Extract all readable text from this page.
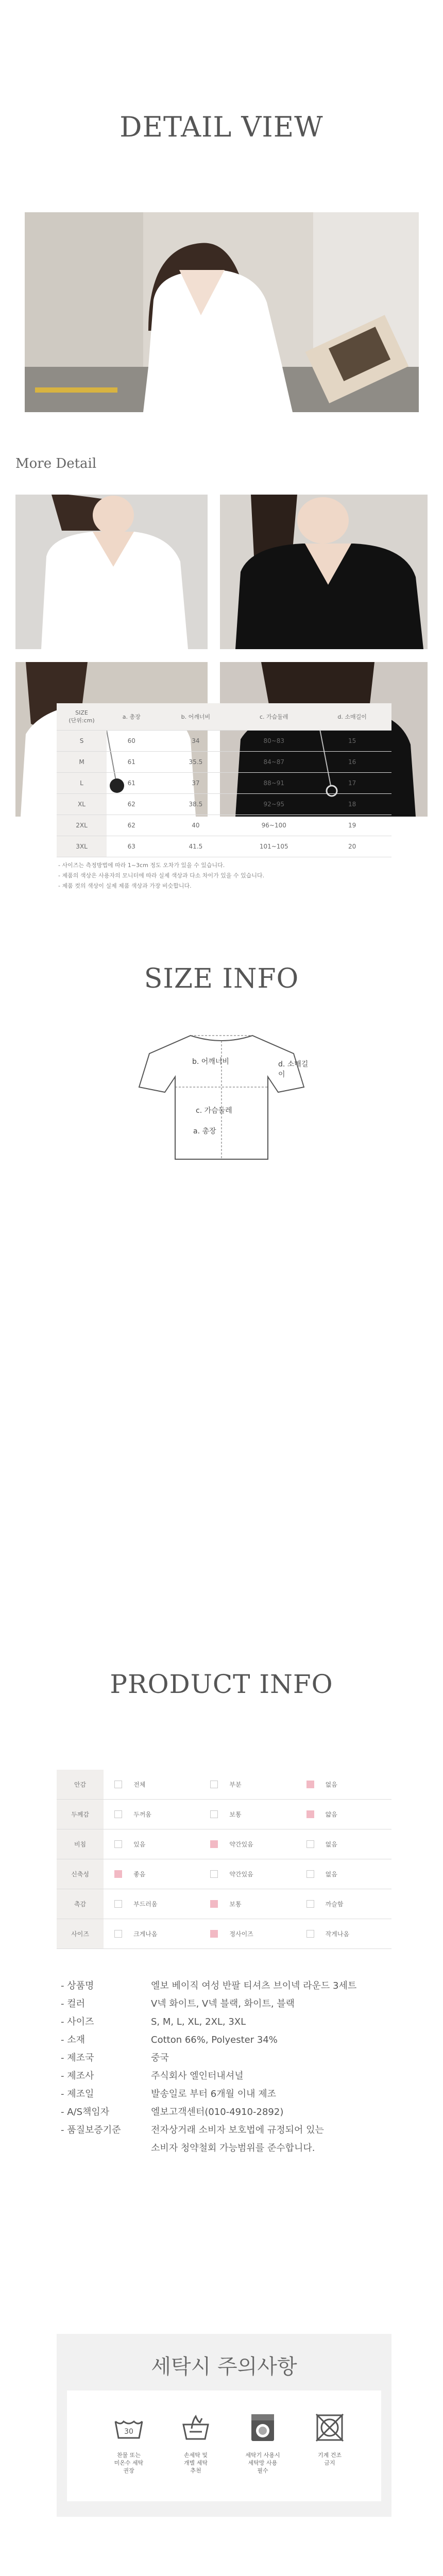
DETAIL VIEW
More Detail
SIZE INFO
b. 어깨너비	d. 소매길이
c. 가슴둘레
a. 총장
SIZE
(단위:cm)	a. 총장	b. 어깨너비	c. 가슴둘레	d. 소매길이
S	60	34	80~83	15
M	61	35.5	84~87	16
L	61	37	88~91	17
XL	62	38.5	92~95	18
2XL	62	40	96~100	19
3XL	63	41.5	101~105	20
- 사이즈는 측정방법에 따라 1~3cm 정도 오차가 있을 수 있습니다.
- 제품의 색상은 사용자의 모니터에 따라 실제 색상과 다소 차이가 있을 수 있습니다.
- 제품 컷의 색상이 실제 제품 색상과 가장 비슷합니다.
PRODUCT INFO
안감	전체	부분	없음
두께감	두꺼움	보통	얇음
비침	있음	약간있음	없음
신축성	좋음	약간있음	없음
촉감	부드러움	보통	까슬함
사이즈	크게나옴	정사이즈	작게나옴
- 상품명	엘보 베이직 여성 반팔 티셔츠 브이넥 라운드 3세트
- 컬러	V넥 화이트, V넥 블랙, 화이트, 블랙
- 사이즈	S, M, L, XL, 2XL, 3XL
- 소재	Cotton 66%, Polyester 34%
- 제조국	중국
- 제조사	주식회사 엘인터내셔널
- 제조일	발송일로 부터 6개월 이내 제조
- A/S책임자	엘보고객센터(010-4910-2892)
- 품질보증기준	전자상거래 소비자 보호법에 규정되어 있는
소비자 청약철회 가능범위를 준수합니다.
세탁시 주의사항
30
찬물 또는
미온수 세탁
권장
손세탁 및
개별 세탁
추천
세탁기 사용시
세탁망 사용
필수
기계 건조
금지
